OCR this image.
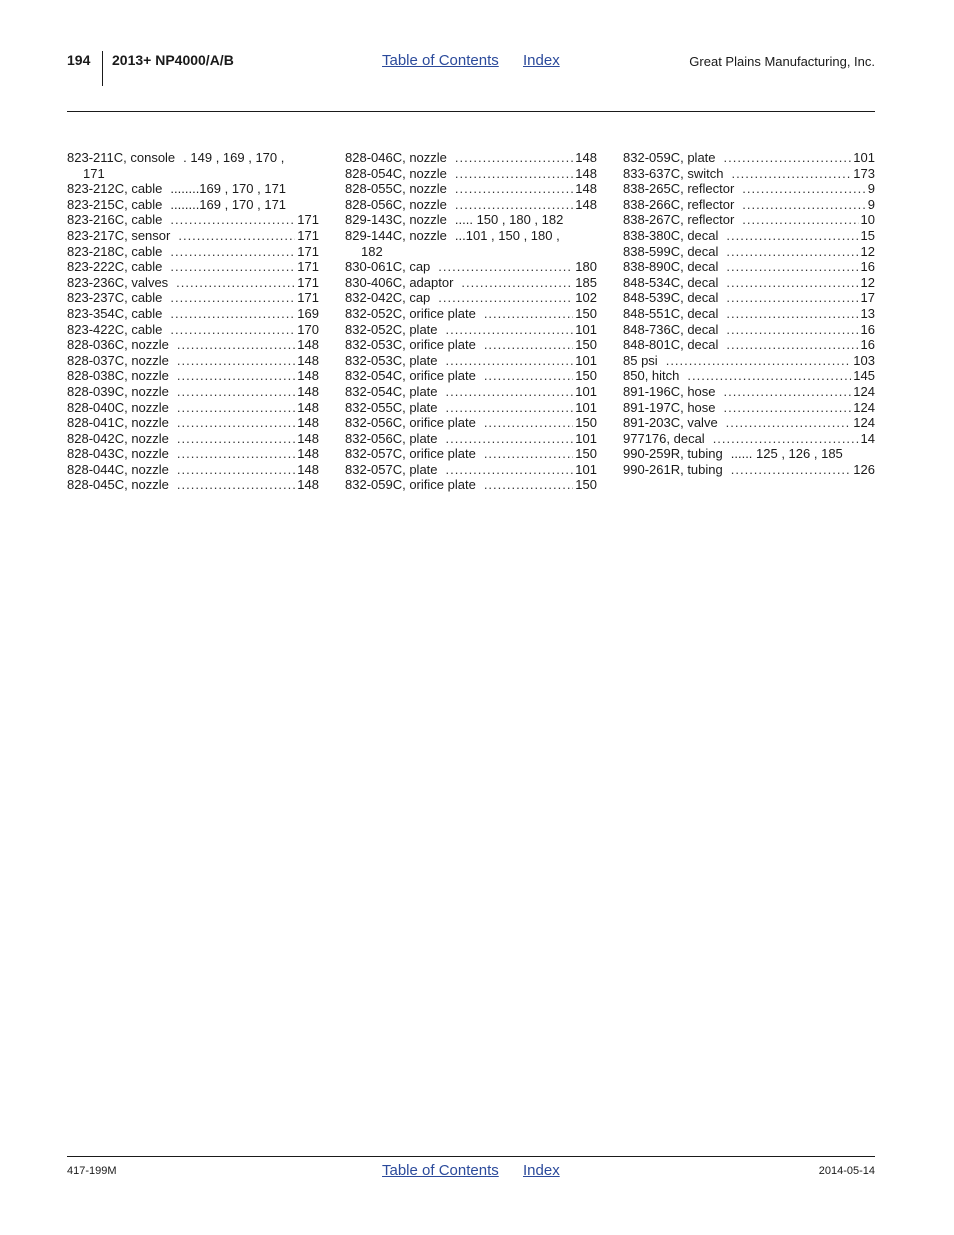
194 2013+ NP4000/A/B	Table of Contents Index	Great Plains Manufacturing, Inc.
823-211C, console . 149 , 169 , 170 ,
171
823-212C, cable ........169 , 170 , 171
823-215C, cable ........169 , 170 , 171
823-216C, cable .....	171
823-217C, sensor .....	171
823-218C, cable .....	171
823-222C, cable .....	171
823-236C, valves .....	171
823-237C, cable .....	171
823-354C, cable .....	169
823-422C, cable .....	170
828-036C, nozzle .....	148
828-037C, nozzle .....	148
828-038C, nozzle .....	148
828-039C, nozzle .....	148
828-040C, nozzle .....	148
828-041C, nozzle .....	148
828-042C, nozzle .....	148
828-043C, nozzle .....	148
828-044C, nozzle .....	148
828-045C, nozzle .....	148
828-046C, nozzle .....	148
828-054C, nozzle .....	148
828-055C, nozzle .....	148
828-056C, nozzle .....	148
829-143C, nozzle ..... 150 , 180 , 182
829-144C, nozzle ...101 , 150 , 180 ,
182
830-061C, cap .....	180
830-406C, adaptor .....	185
832-042C, cap .....	102
832-052C, orifice plate .....	150
832-052C, plate .....	101
832-053C, orifice plate .....	150
832-053C, plate .....	101
832-054C, orifice plate .....	150
832-054C, plate .....	101
832-055C, plate .....	101
832-056C, orifice plate .....	150
832-056C, plate .....	101
832-057C, orifice plate .....	150
832-057C, plate .....	101
832-059C, orifice plate .....	150
832-059C, plate .....	101
833-637C, switch .....	173
838-265C, reflector .....	9
838-266C, reflector .....	9
838-267C, reflector .....	10
838-380C, decal .....	15
838-599C, decal .....	12
838-890C, decal .....	16
848-534C, decal .....	12
848-539C, decal .....	17
848-551C, decal .....	13
848-736C, decal .....	16
848-801C, decal .....	16
85 psi .....	103
850, hitch .....	145
891-196C, hose .....	124
891-197C, hose .....	124
891-203C, valve .....	124
977176, decal .....	14
990-259R, tubing ...... 125 , 126 , 185
990-261R, tubing .....	126
417-199M	Table of Contents Index	2014-05-14
